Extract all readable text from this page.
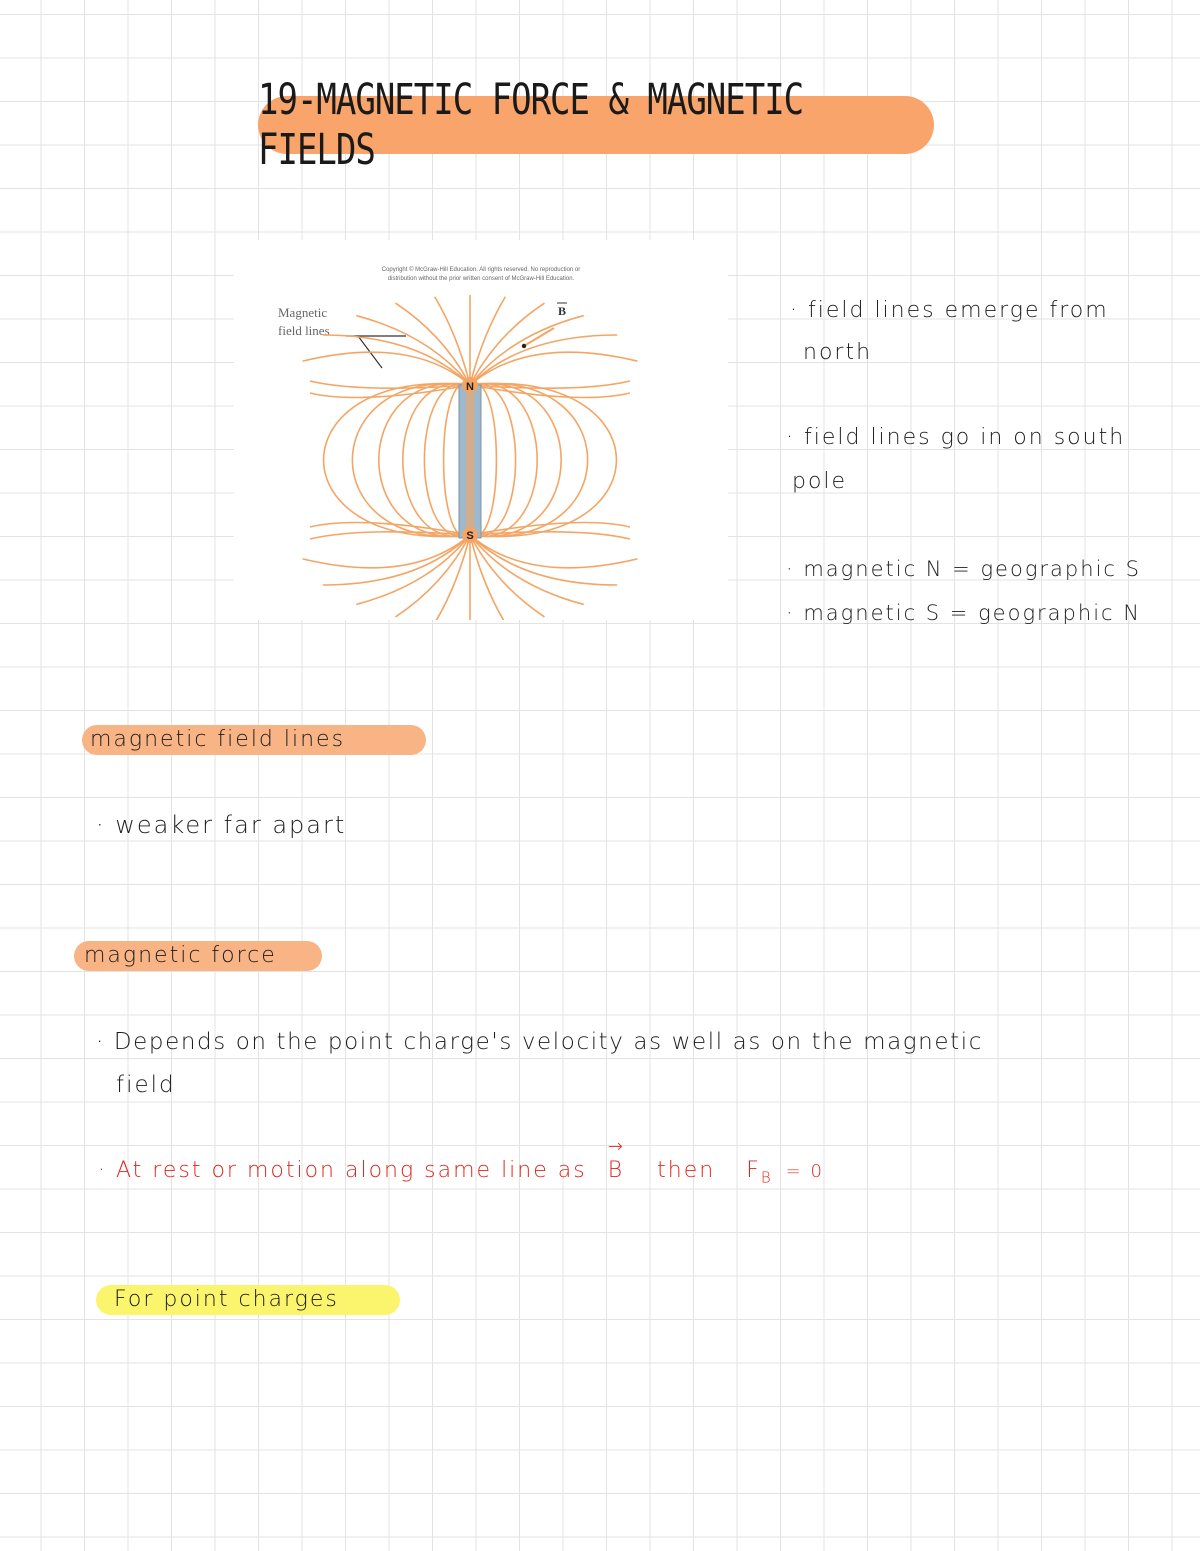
19-MAGNETIC FORCE & MAGNETIC FIELDS
Copyright © McGraw-Hill Education. All rights reserved. No reproduction or
distribution without the prior written consent of McGraw-Hill Education.
Magnetic
field lines
B
N
S
· field lines emerge from
north
· field lines go in on south
pole
· magnetic N = geographic S
· magnetic S = geographic N
magnetic field lines
· weaker far apart
magnetic force
· Depends on the point charge's velocity as well as on the magnetic
field
· At rest or motion along same line as
→
B then $F_B = 0$
For point charges
